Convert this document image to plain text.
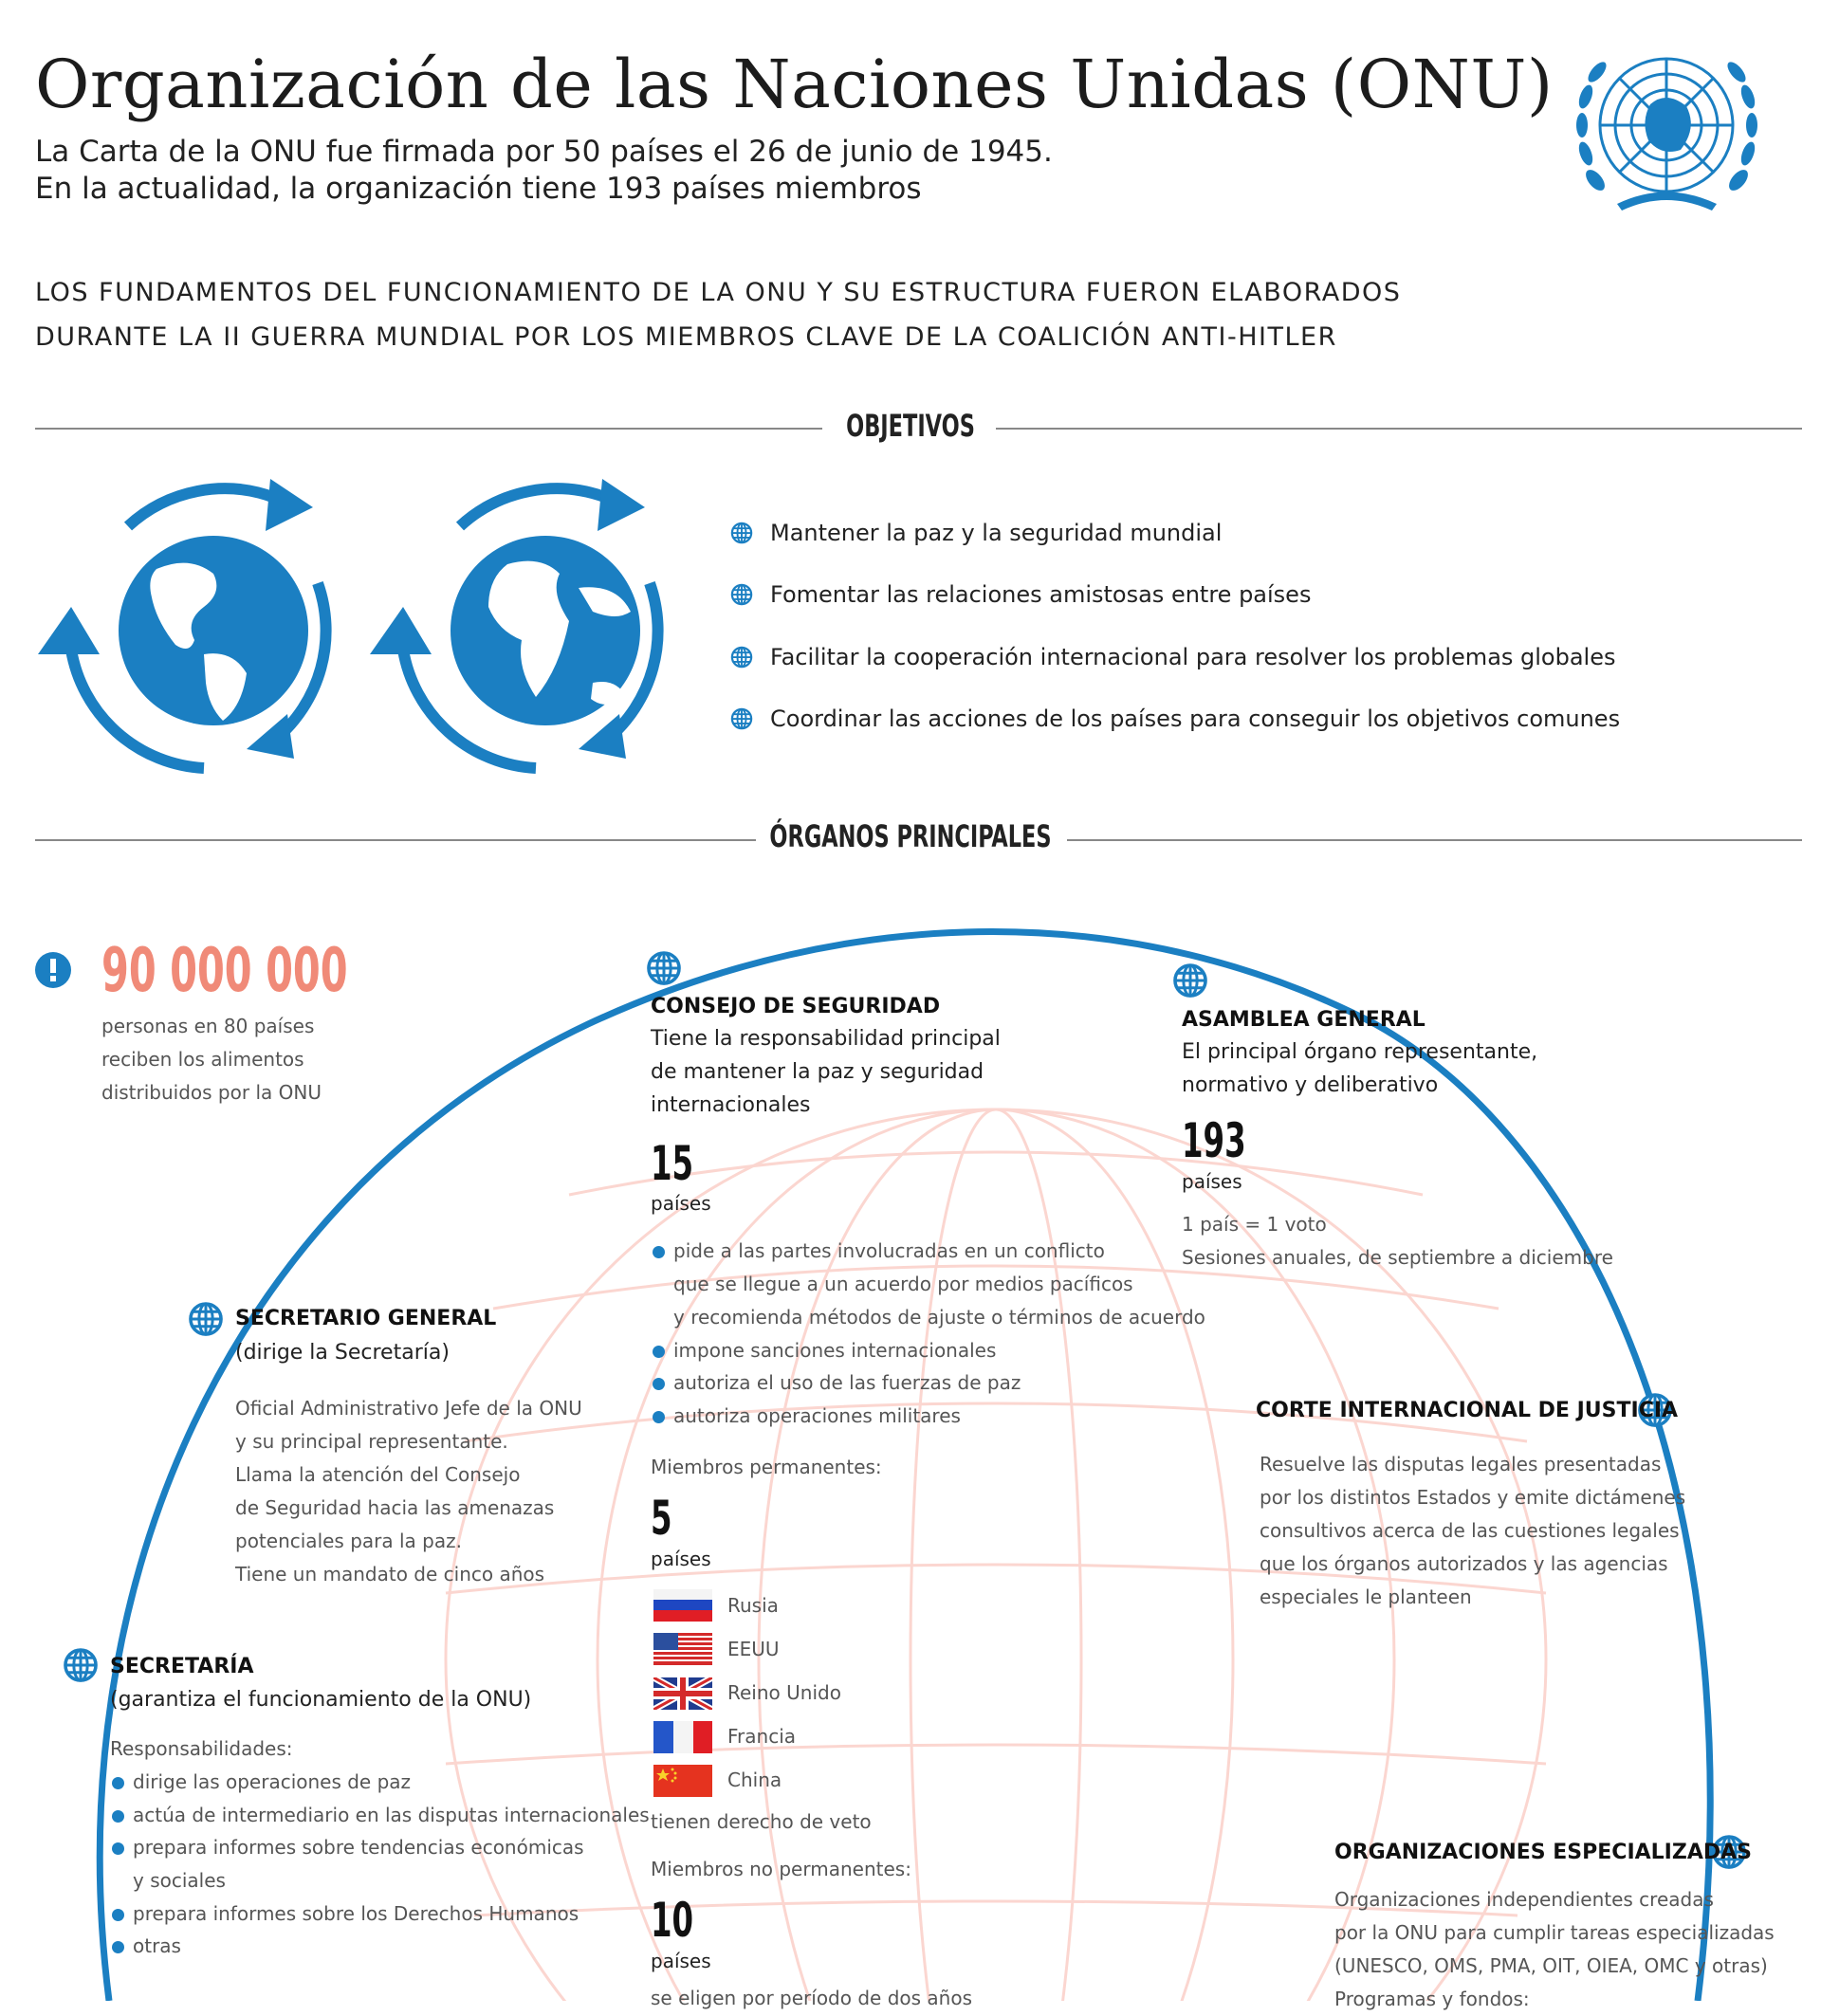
Organización de las Naciones Unidas (ONU)
La Carta de la ONU fue firmada por 50 países el 26 de junio de 1945.
En la actualidad, la organización tiene 193 países miembros
LOS FUNDAMENTOS DEL FUNCIONAMIENTO DE LA ONU Y SU ESTRUCTURA FUERON ELABORADOS
DURANTE LA II GUERRA MUNDIAL POR LOS MIEMBROS CLAVE DE LA COALICIÓN ANTI-HITLER
OBJETIVOS
Mantener la paz y la seguridad mundial
Fomentar las relaciones amistosas entre países
Facilitar la cooperación internacional para resolver los problemas globales
Coordinar las acciones de los países para conseguir los objetivos comunes
ÓRGANOS PRINCIPALES
90 000 000
personas en 80 países
reciben los alimentos
distribuidos por la ONU
CONSEJO DE SEGURIDAD
Tiene la responsabilidad principal
de mantener la paz y seguridad
internacionales
15
países
pide a las partes involucradas en un conflicto
que se llegue a un acuerdo por medios pacíficos
y recomienda métodos de ajuste o términos de acuerdo
impone sanciones internacionales
autoriza el uso de las fuerzas de paz
autoriza operaciones militares
Miembros permanentes:
5
países
Rusia
EEUU
Reino Unido
Francia
China
tienen derecho de veto
Miembros no permanentes:
10
países
se eligen por período de dos años
ASAMBLEA GENERAL
El principal órgano representante,
normativo y deliberativo
193
países
1 país = 1 voto
Sesiones anuales, de septiembre a diciembre
SECRETARIO GENERAL
(dirige la Secretaría)
Oficial Administrativo Jefe de la ONU
y su principal representante.
Llama la atención del Consejo
de Seguridad hacia las amenazas
potenciales para la paz.
Tiene un mandato de cinco años
CORTE INTERNACIONAL DE JUSTICIA
Resuelve las disputas legales presentadas
por los distintos Estados y emite dictámenes
consultivos acerca de las cuestiones legales
que los órganos autorizados y las agencias
especiales le planteen
SECRETARÍA
(garantiza el funcionamiento de la ONU)
Responsabilidades:
dirige las operaciones de paz
actúa de intermediario en las disputas internacionales
prepara informes sobre tendencias económicas
y sociales
prepara informes sobre los Derechos Humanos
otras
ORGANIZACIONES ESPECIALIZADAS
Organizaciones independientes creadas
por la ONU para cumplir tareas especializadas
(UNESCO, OMS, PMA, OIT, OIEA, OMC y otras)
Programas y fondos:
